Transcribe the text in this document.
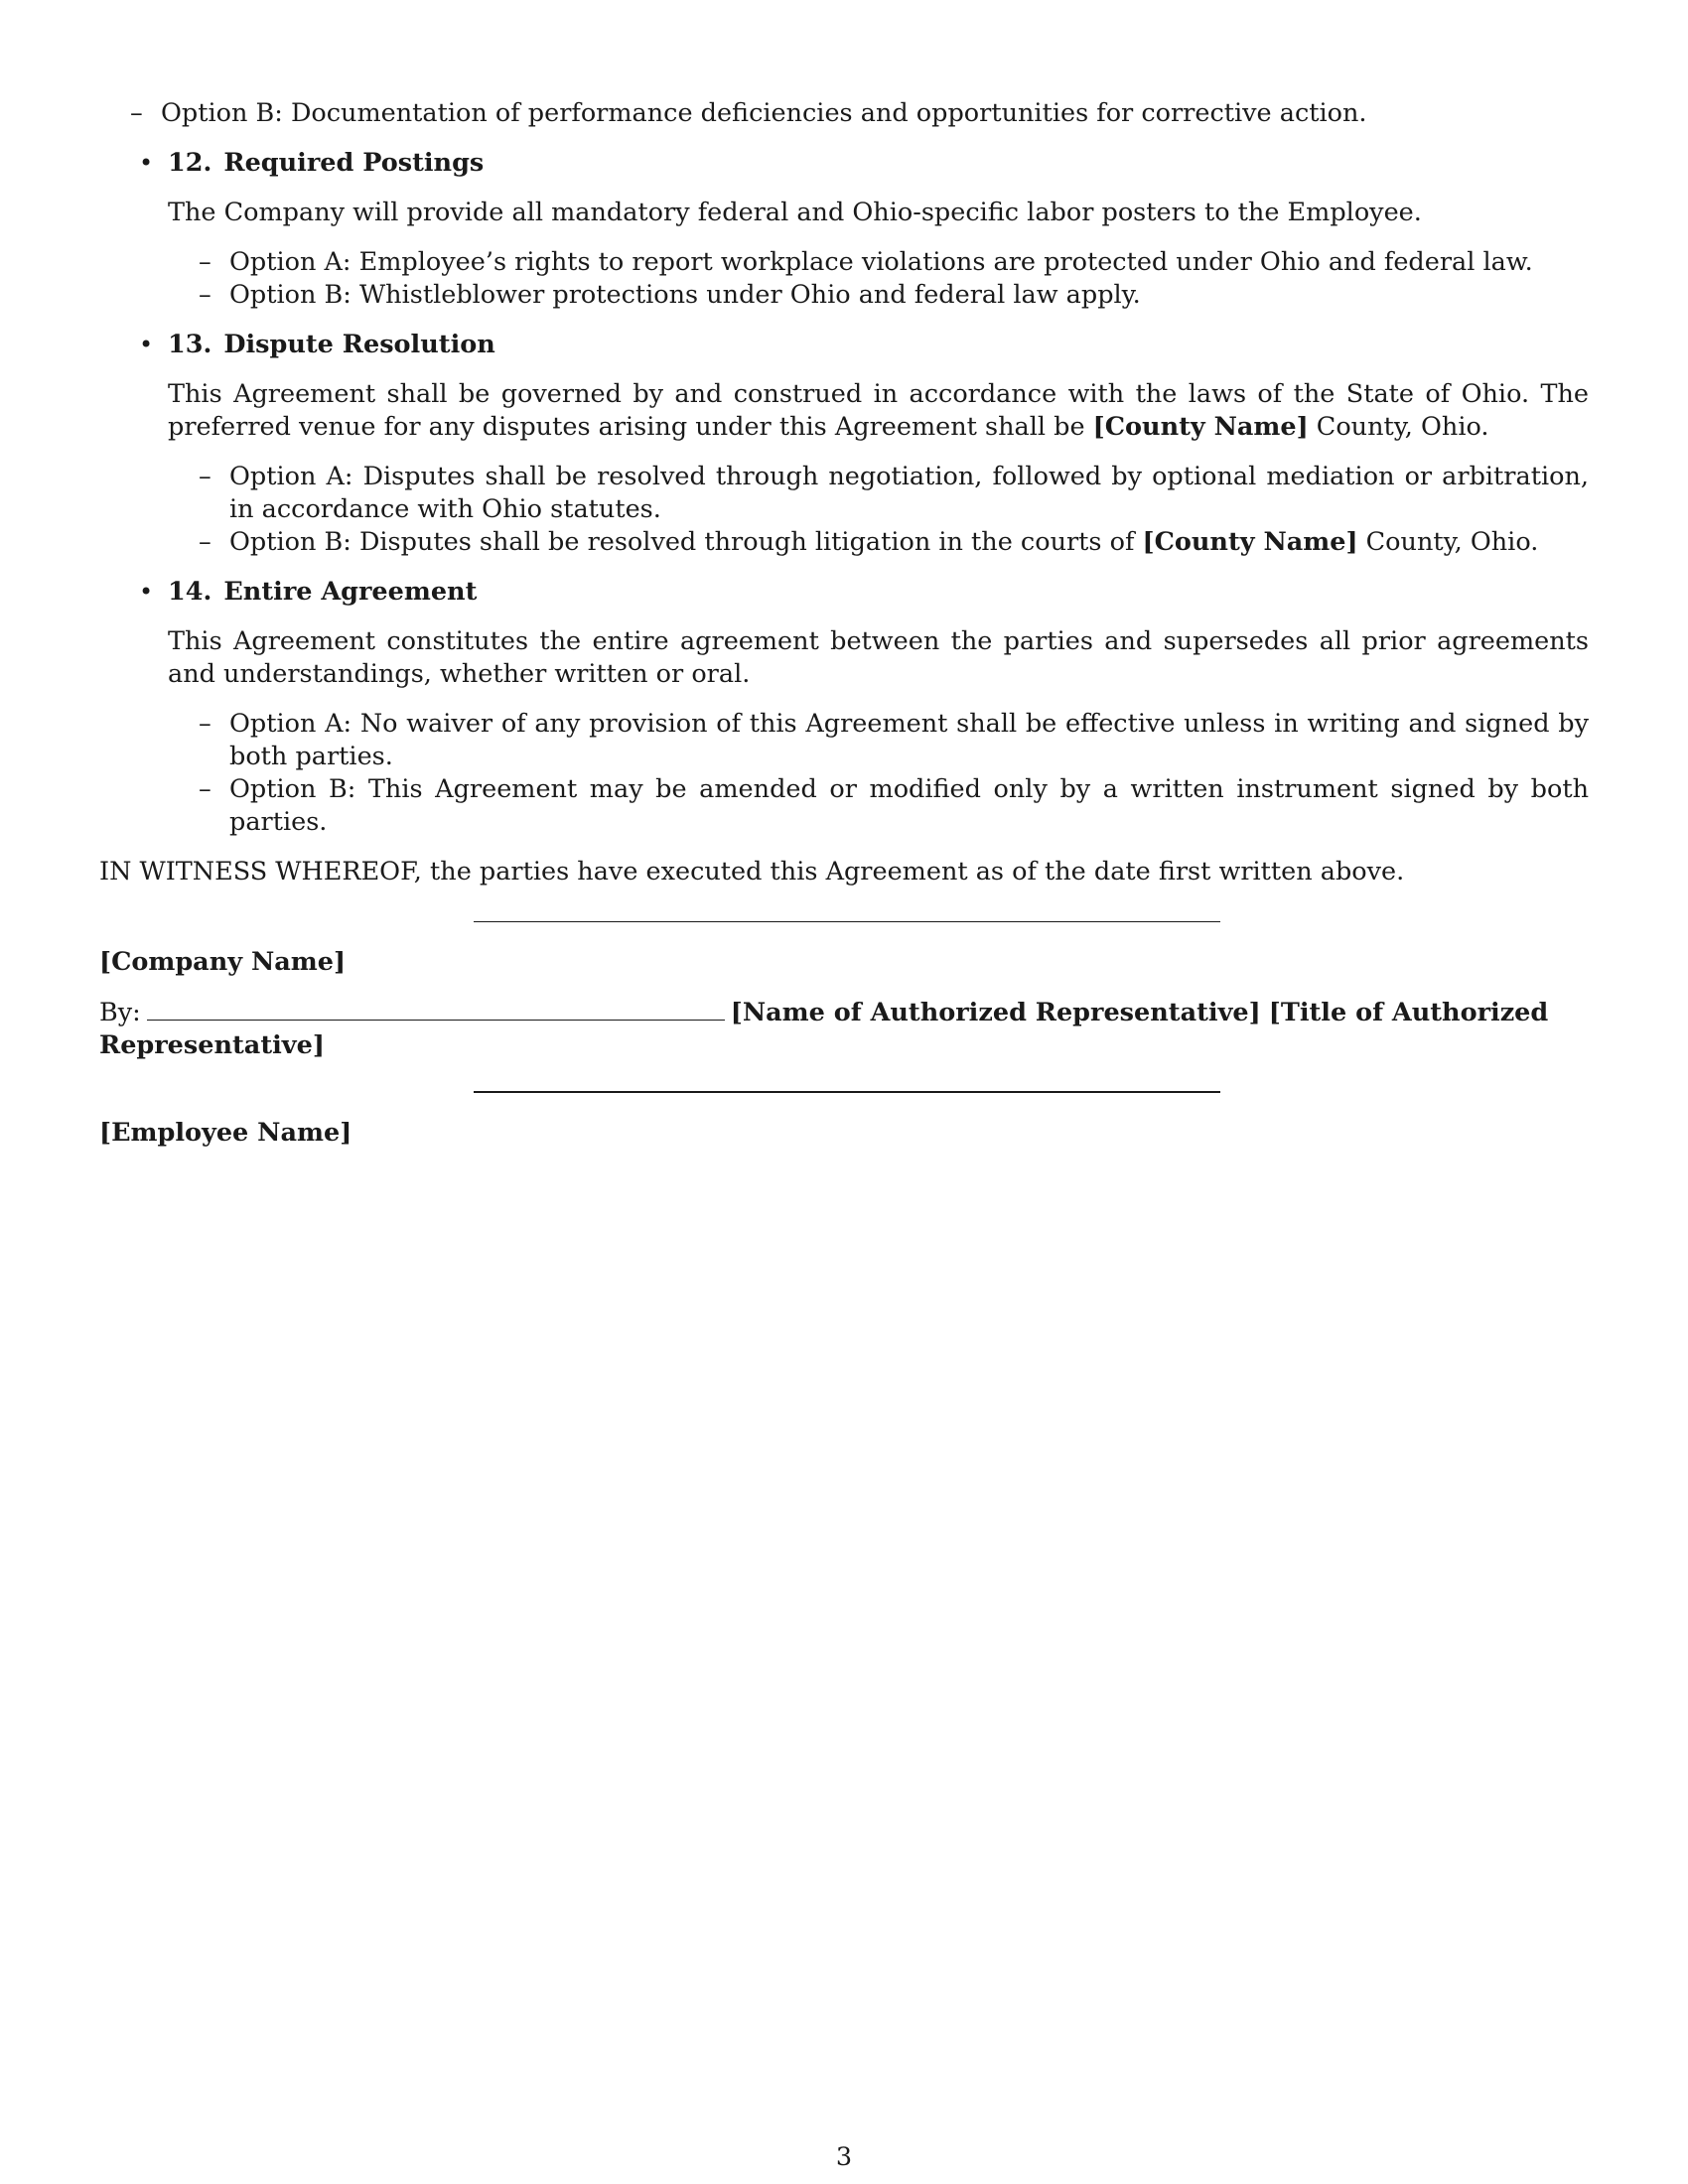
– Option B: Documentation of performance deficiencies and opportunities for corrective action.
• 12. Required Postings
The Company will provide all mandatory federal and Ohio-specific labor posters to the Employee.
– Option A: Employee’s rights to report workplace violations are protected under Ohio and federal law.
– Option B: Whistleblower protections under Ohio and federal law apply.
• 13. Dispute Resolution
This Agreement shall be governed by and construed in accordance with the laws of the State of Ohio. The preferred venue for any disputes arising under this Agreement shall be [County Name] County, Ohio.
– Option A: Disputes shall be resolved through negotiation, followed by optional mediation or arbitration, in accordance with Ohio statutes.
– Option B: Disputes shall be resolved through litigation in the courts of [County Name] County, Ohio.
• 14. Entire Agreement
This Agreement constitutes the entire agreement between the parties and supersedes all prior agreements and understandings, whether written or oral.
– Option A: No waiver of any provision of this Agreement shall be effective unless in writing and signed by both parties.
– Option B: This Agreement may be amended or modified only by a written instrument signed by both parties.
IN WITNESS WHEREOF, the parties have executed this Agreement as of the date first written above.
[Company Name]
By:	[Name of Authorized Representative] [Title of Authorized Representative]
[Employee Name]
3
